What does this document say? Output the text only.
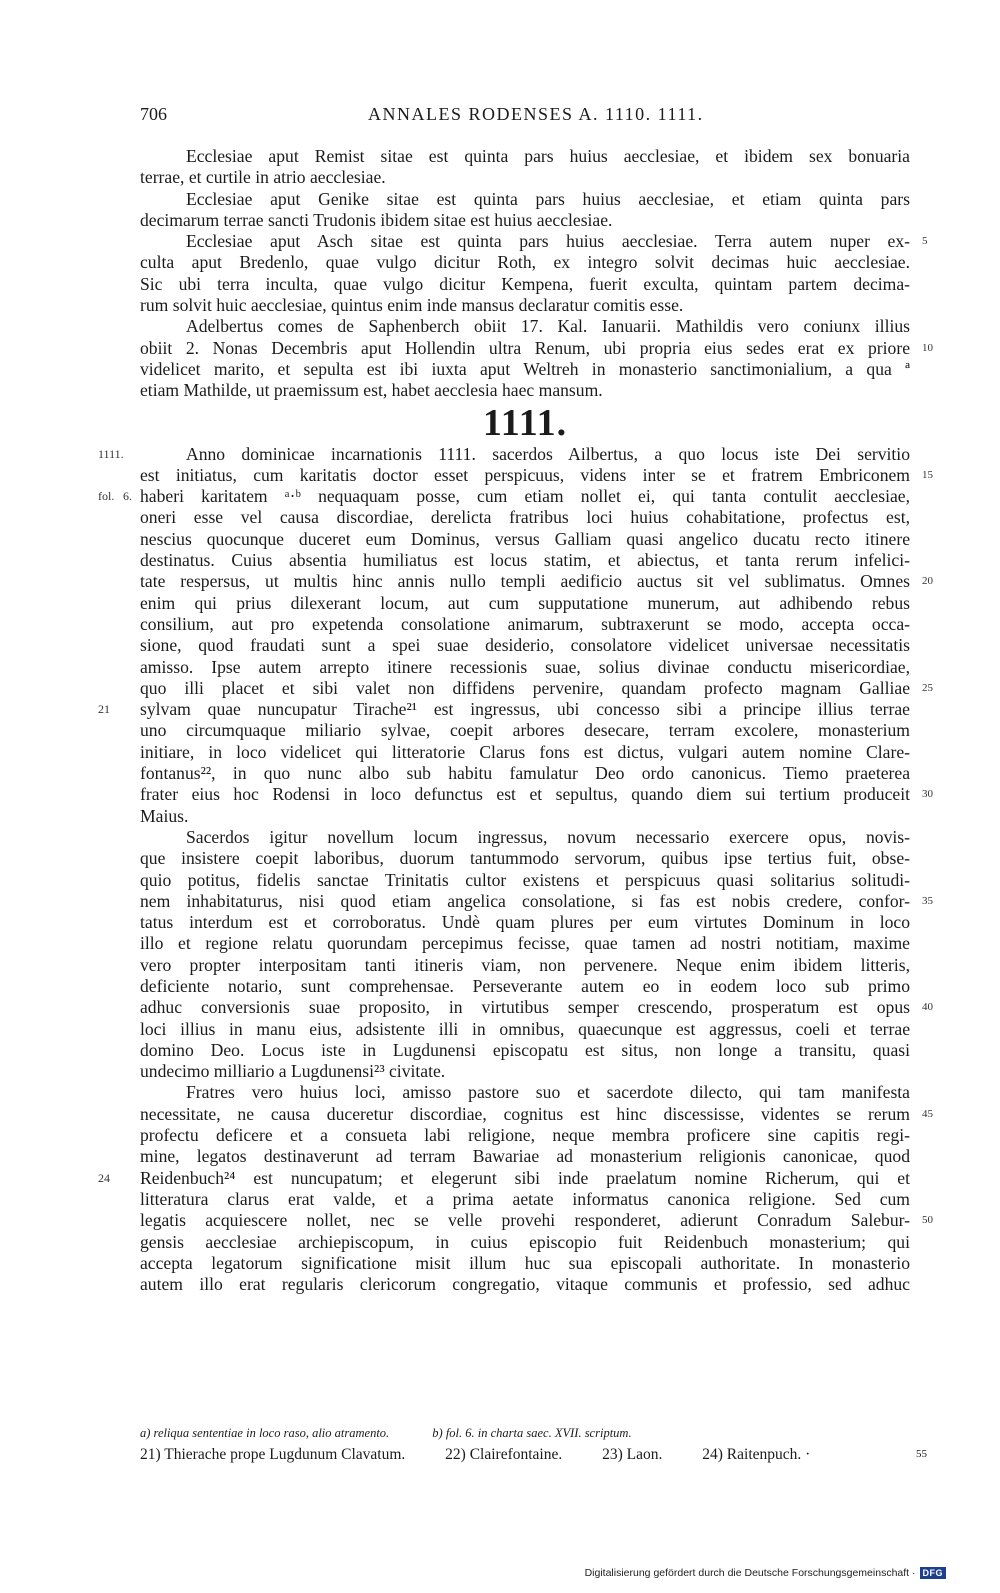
706	ANNALES RODENSES A. 1110. 1111.
Ecclesiae aput Remist sitae est quinta pars huius aecclesiae, et ibidem sex bonuaria
terrae, et curtile in atrio aecclesiae.
Ecclesiae aput Genike sitae est quinta pars huius aecclesiae, et etiam quinta pars
decimarum terrae sancti Trudonis ibidem sitae est huius aecclesiae.
Ecclesiae aput Asch sitae est quinta pars huius aecclesiae. Terra autem nuper ex- 5
culta aput Bredenlo, quae vulgo dicitur Roth, ex integro solvit decimas huic aecclesiae.
Sic ubi terra inculta, quae vulgo dicitur Kempena, fuerit exculta, quintam partem decima-
rum solvit huic aecclesiae, quintus enim inde mansus declaratur comitis esse.
Adelbertus comes de Saphenberch obiit 17. Kal. Ianuarii. Mathildis vero coniunx illius
obiit 2. Nonas Decembris aput Hollendin ultra Renum, ubi propria eius sedes erat ex priore 10
videlicet marito, et sepulta est ibi iuxta aput Weltreh in monasterio sanctimonialium, a qua ª
etiam Mathilde, ut praemissum est, habet aecclesia haec mansum.
1111.
Anno dominicae incarnationis 1111. sacerdos Ailbertus, a quo locus iste Dei servitio
1111.
est initiatus, cum karitatis doctor esset perspicuus, videns inter se et fratrem Embriconem 15
haberi karitatem ᵃ·ᵇ nequaquam posse, cum etiam nollet ei, qui tanta contulit aecclesiae,
fol. 6.
oneri esse vel causa discordiae, derelicta fratribus loci huius cohabitatione, profectus est,
nescius quocunque duceret eum Dominus, versus Galliam quasi angelico ducatu recto itinere
destinatus. Cuius absentia humiliatus est locus statim, et abiectus, et tanta rerum infelici-
tate respersus, ut multis hinc annis nullo templi aedificio auctus sit vel sublimatus. Omnes 20
enim qui prius dilexerant locum, aut cum supputatione munerum, aut adhibendo rebus
consilium, aut pro expetenda consolatione animarum, subtraxerunt se modo, accepta occa-
sione, quod fraudati sunt a spei suae desiderio, consolatore videlicet universae necessitatis
amisso. Ipse autem arrepto itinere recessionis suae, solius divinae conductu misericordiae,
quo illi placet et sibi valet non diffidens pervenire, quandam profecto magnam Galliae 25
sylvam quae nuncupatur Tirache²¹ est ingressus, ubi concesso sibi a principe illius terrae
21
uno circumquaque miliario sylvae, coepit arbores desecare, terram excolere, monasterium
initiare, in loco videlicet qui litteratorie Clarus fons est dictus, vulgari autem nomine Clare-
fontanus²², in quo nunc albo sub habitu famulatur Deo ordo canonicus. Tiemo praeterea
frater eius hoc Rodensi in loco defunctus est et sepultus, quando diem sui tertium produceit 30
Maius.
Sacerdos igitur novellum locum ingressus, novum necessario exercere opus, novis-
que insistere coepit laboribus, duorum tantummodo servorum, quibus ipse tertius fuit, obse-
quio potitus, fidelis sanctae Trinitatis cultor existens et perspicuus quasi solitarius solitudi-
nem inhabitaturus, nisi quod etiam angelica consolatione, si fas est nobis credere, confor- 35
tatus interdum est et corroboratus. Undè quam plures per eum virtutes Dominum in loco
illo et regione relatu quorundam percepimus fecisse, quae tamen ad nostri notitiam, maxime
vero propter interpositam tanti itineris viam, non pervenere. Neque enim ibidem litteris,
deficiente notario, sunt comprehensae. Perseverante autem eo in eodem loco sub primo
adhuc conversionis suae proposito, in virtutibus semper crescendo, prosperatum est opus 40
loci illius in manu eius, adsistente illi in omnibus, quaecunque est aggressus, coeli et terrae
domino Deo. Locus iste in Lugdunensi episcopatu est situs, non longe a transitu, quasi
undecimo milliario a Lugdunensi²³ civitate.
Fratres vero huius loci, amisso pastore suo et sacerdote dilecto, qui tam manifesta
necessitate, ne causa duceretur discordiae, cognitus est hinc discessisse, videntes se rerum 45
profectu deficere et a consueta labi religione, neque membra proficere sine capitis regi-
mine, legatos destinaverunt ad terram Bawariae ad monasterium religionis canonicae, quod
Reidenbuch²⁴ est nuncupatum; et elegerunt sibi inde praelatum nomine Richerum, qui et
24
litteratura clarus erat valde, et a prima aetate informatus canonica religione. Sed cum
legatis acquiescere nollet, nec se velle provehi responderet, adierunt Conradum Salebur- 50
gensis aecclesiae archiepiscopum, in cuius episcopio fuit Reidenbuch monasterium; qui
accepta legatorum significatione misit illum huc sua episcopali authoritate. In monasterio
autem illo erat regularis clericorum congregatio, vitaque communis et professio, sed adhuc
a) reliqua sententiae in loco raso, alio atramento.	b) fol. 6. in charta saec. XVII. scriptum.
21) Thierache prope Lugdunum Clavatum.	22) Clairefontaine.	23) Laon.	24) Raitenpuch. ·	55
Digitalisierung gefördert durch die Deutsche Forschungsgemeinschaft · DFG
